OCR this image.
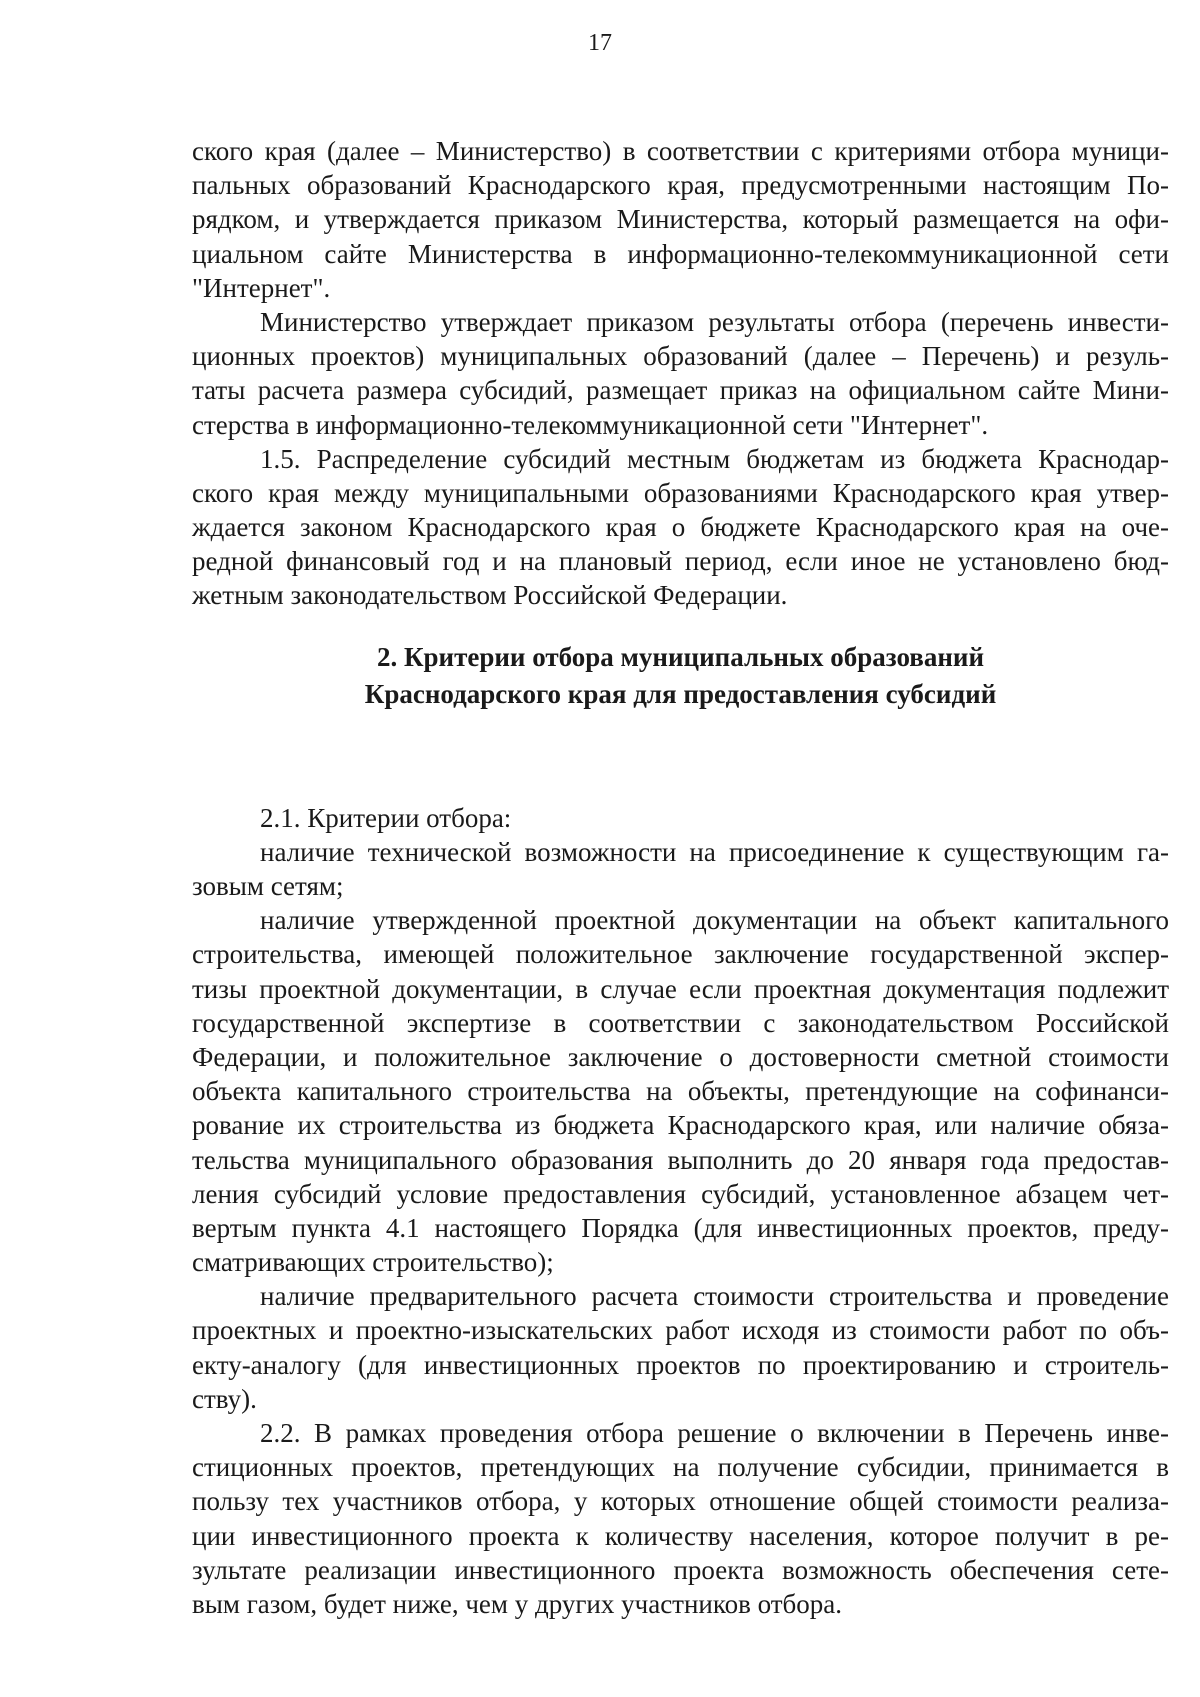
17
ского края (далее – Министерство) в соответствии с критериями отбора муници-
пальных образований Краснодарского края, предусмотренными настоящим По-
рядком, и утверждается приказом Министерства, который размещается на офи-
циальном сайте Министерства в информационно-телекоммуникационной сети
"Интернет".
Министерство утверждает приказом результаты отбора (перечень инвести-
ционных проектов) муниципальных образований (далее – Перечень) и резуль-
таты расчета размера субсидий, размещает приказ на официальном сайте Мини-
стерства в информационно-телекоммуникационной сети "Интернет".
1.5. Распределение субсидий местным бюджетам из бюджета Краснодар-
ского края между муниципальными образованиями Краснодарского края утвер-
ждается законом Краснодарского края о бюджете Краснодарского края на оче-
редной финансовый год и на плановый период, если иное не установлено бюд-
жетным законодательством Российской Федерации.
2. Критерии отбора муниципальных образований
Краснодарского края для предоставления субсидий
2.1. Критерии отбора:
наличие технической возможности на присоединение к существующим га-
зовым сетям;
наличие утвержденной проектной документации на объект капитального
строительства, имеющей положительное заключение государственной экспер-
тизы проектной документации, в случае если проектная документация подлежит
государственной экспертизе в соответствии с законодательством Российской
Федерации, и положительное заключение о достоверности сметной стоимости
объекта капитального строительства на объекты, претендующие на софинанси-
рование их строительства из бюджета Краснодарского края, или наличие обяза-
тельства муниципального образования выполнить до 20 января года предостав-
ления субсидий условие предоставления субсидий, установленное абзацем чет-
вертым пункта 4.1 настоящего Порядка (для инвестиционных проектов, преду-
сматривающих строительство);
наличие предварительного расчета стоимости строительства и проведение
проектных и проектно-изыскательских работ исходя из стоимости работ по объ-
екту-аналогу (для инвестиционных проектов по проектированию и строитель-
ству).
2.2. В рамках проведения отбора решение о включении в Перечень инве-
стиционных проектов, претендующих на получение субсидии, принимается в
пользу тех участников отбора, у которых отношение общей стоимости реализа-
ции инвестиционного проекта к количеству населения, которое получит в ре-
зультате реализации инвестиционного проекта возможность обеспечения сете-
вым газом, будет ниже, чем у других участников отбора.
